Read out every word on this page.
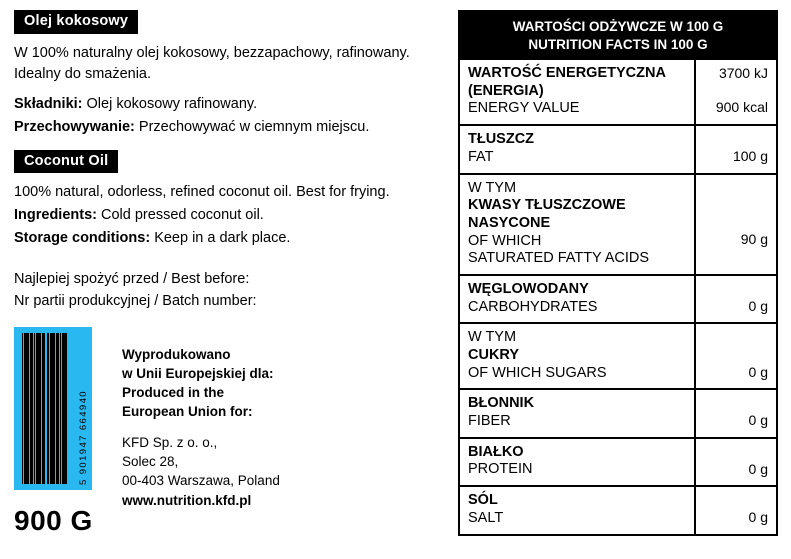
Olej kokosowy
W 100% naturalny olej kokosowy, bezzapachowy, rafinowany. Idealny do smażenia.
Składniki: Olej kokosowy rafinowany.
Przechowywanie: Przechowywać w ciemnym miejscu.
Coconut Oil
100% natural, odorless, refined coconut oil. Best for frying.
Ingredients: Cold pressed coconut oil.
Storage conditions: Keep in a dark place.
Najlepiej spożyć przed / Best before:
Nr partii produkcyjnej / Batch number:
5 901947 664940
Wyprodukowano
w Unii Europejskiej dla:
Produced in the
European Union for:
KFD Sp. z o. o.,
Solec 28,
00-403 Warszawa, Poland
www.nutrition.kfd.pl
900 G
WARTOŚCI ODŻYWCZE W 100 G
NUTRITION FACTS IN 100 G
WARTOŚĆ ENERGETYCZNA
(ENERGIA)
ENERGY VALUE
3700 kJ
900 kcal
TŁUSZCZ
FAT	100 g
W TYM
KWASY TŁUSZCZOWE
NASYCONE
OF WHICH
SATURATED FATTY ACIDS
90 g
WĘGLOWODANY
CARBOHYDRATES	0 g
W TYM
CUKRY
OF WHICH SUGARS	0 g
BŁONNIK
FIBER	0 g
BIAŁKO
PROTEIN	0 g
SÓL
SALT	0 g
